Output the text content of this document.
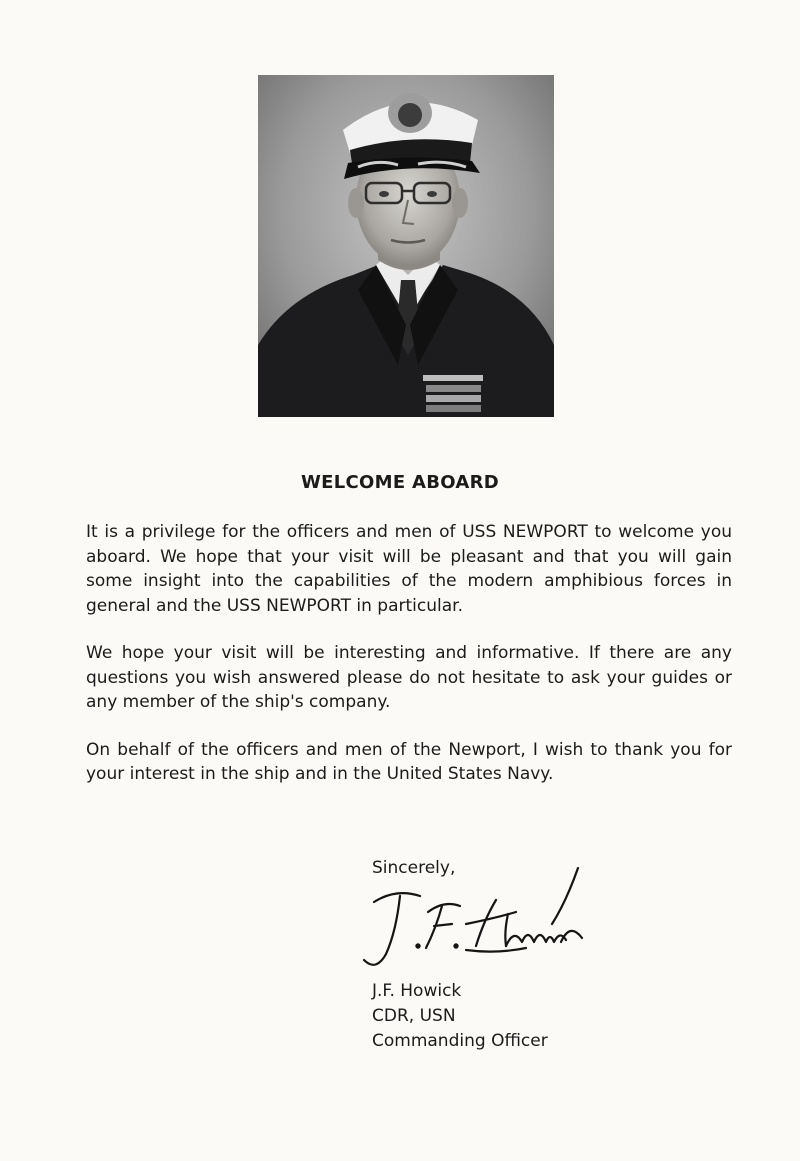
WELCOME ABOARD

It is a privilege for the officers and men of USS NEWPORT to welcome you aboard. We hope that your visit will be pleasant and that you will gain some insight into the capabilities of the modern amphibious forces in general and the USS NEWPORT in particular.

We hope your visit will be interesting and informative. If there are any questions you wish answered please do not hesitate to ask your guides or any member of the ship's company.

On behalf of the officers and men of the Newport, I wish to thank you for your interest in the ship and in the United States Navy.

Sincerely,
J.F. Howick
CDR, USN
Commanding Officer
